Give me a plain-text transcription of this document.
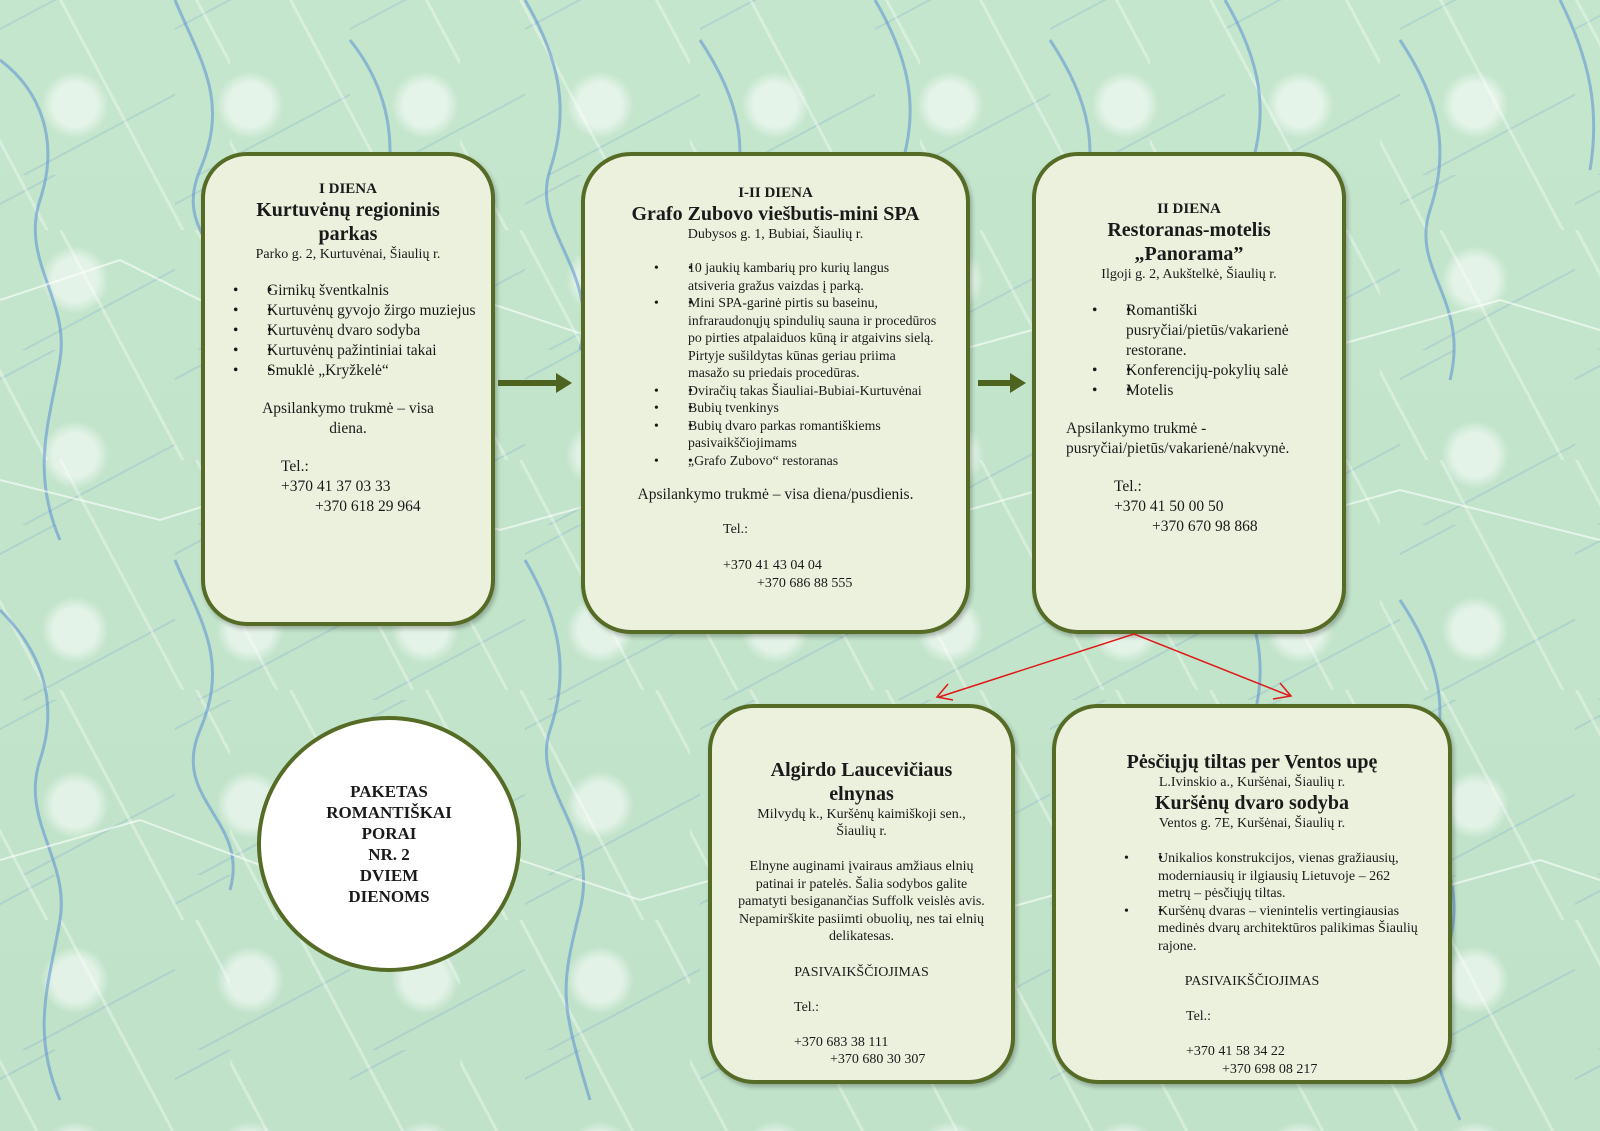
I DIENA

Kurtuvėnų regioninis parkas

Parko g. 2, Kurtuvėnai, Šiaulių r.

• • Girnikų šventkalnis
• • Kurtuvėnų gyvojo žirgo muziejus
• • Kurtuvėnų dvaro sodyba
• • Kurtuvėnų pažintiniai takai
• • Smuklė „Kryžkelė“

Apsilankymo trukmė – visa diena.

Tel.:
+370 41 37 03 33
+370 618 29 964

I-II DIENA

Grafo Zubovo viešbutis-mini SPA

Dubysos g. 1, Bubiai, Šiaulių r.

• • 10 jaukių kambarių pro kurių langus atsiveria gražus vaizdas į parką.
• • Mini SPA-garinė pirtis su baseinu, infraraudonųjų spindulių sauna ir procedūros po pirties atpalaiduos kūną ir atgaivins sielą. Pirtyje sušildytas kūnas geriau priima masažo su priedais procedūras.
• • Dviračių takas Šiauliai-Bubiai-Kurtuvėnai
• • Bubių tvenkinys
• • Bubių dvaro parkas romantiškiems pasivaikščiojimams
• • „Grafo Zubovo“ restoranas

Apsilankymo trukmė – visa diena/pusdienis.

Tel.:

+370 41 43 04 04
+370 686 88 555

II DIENA

Restoranas-motelis „Panorama”

Ilgoji g. 2, Aukštelkė, Šiaulių r.

• • Romantiški pusryčiai/pietūs/vakarienė restorane.
• • Konferencijų-pokylių salė
• • Motelis

Apsilankymo trukmė - pusryčiai/pietūs/vakarienė/nakvynė.

Tel.:
+370 41 50 00 50
+370 670 98 868

Algirdo Laucevičiaus elnynas

Milvydų k., Kuršėnų kaimiškoji sen., Šiaulių r.

Elnyne auginami įvairaus amžiaus elnių patinai ir patelės. Šalia sodybos galite pamatyti besiganančias Suffolk veislės avis. Nepamirškite pasiimti obuolių, nes tai elnių delikatesas.

PASIVAIKŠČIOJIMAS

Tel.:

+370 683 38 111
+370 680 30 307

Pėsčiųjų tiltas per Ventos upę

L.Ivinskio a., Kuršėnai, Šiaulių r.

Kuršėnų dvaro sodyba

Ventos g. 7E, Kuršėnai, Šiaulių r.

• • Unikalios konstrukcijos, vienas gražiausių, moderniausių ir ilgiausių Lietuvoje – 262 metrų – pėsčiųjų tiltas.
• • Kuršėnų dvaras – vienintelis vertingiausias medinės dvarų architektūros palikimas Šiaulių rajone.

PASIVAIKŠČIOJIMAS

Tel.:

+370 41 58 34 22
+370 698 08 217
PAKETAS
ROMANTIŠKAI
PORAI
NR. 2
DVIEM
DIENOMS
